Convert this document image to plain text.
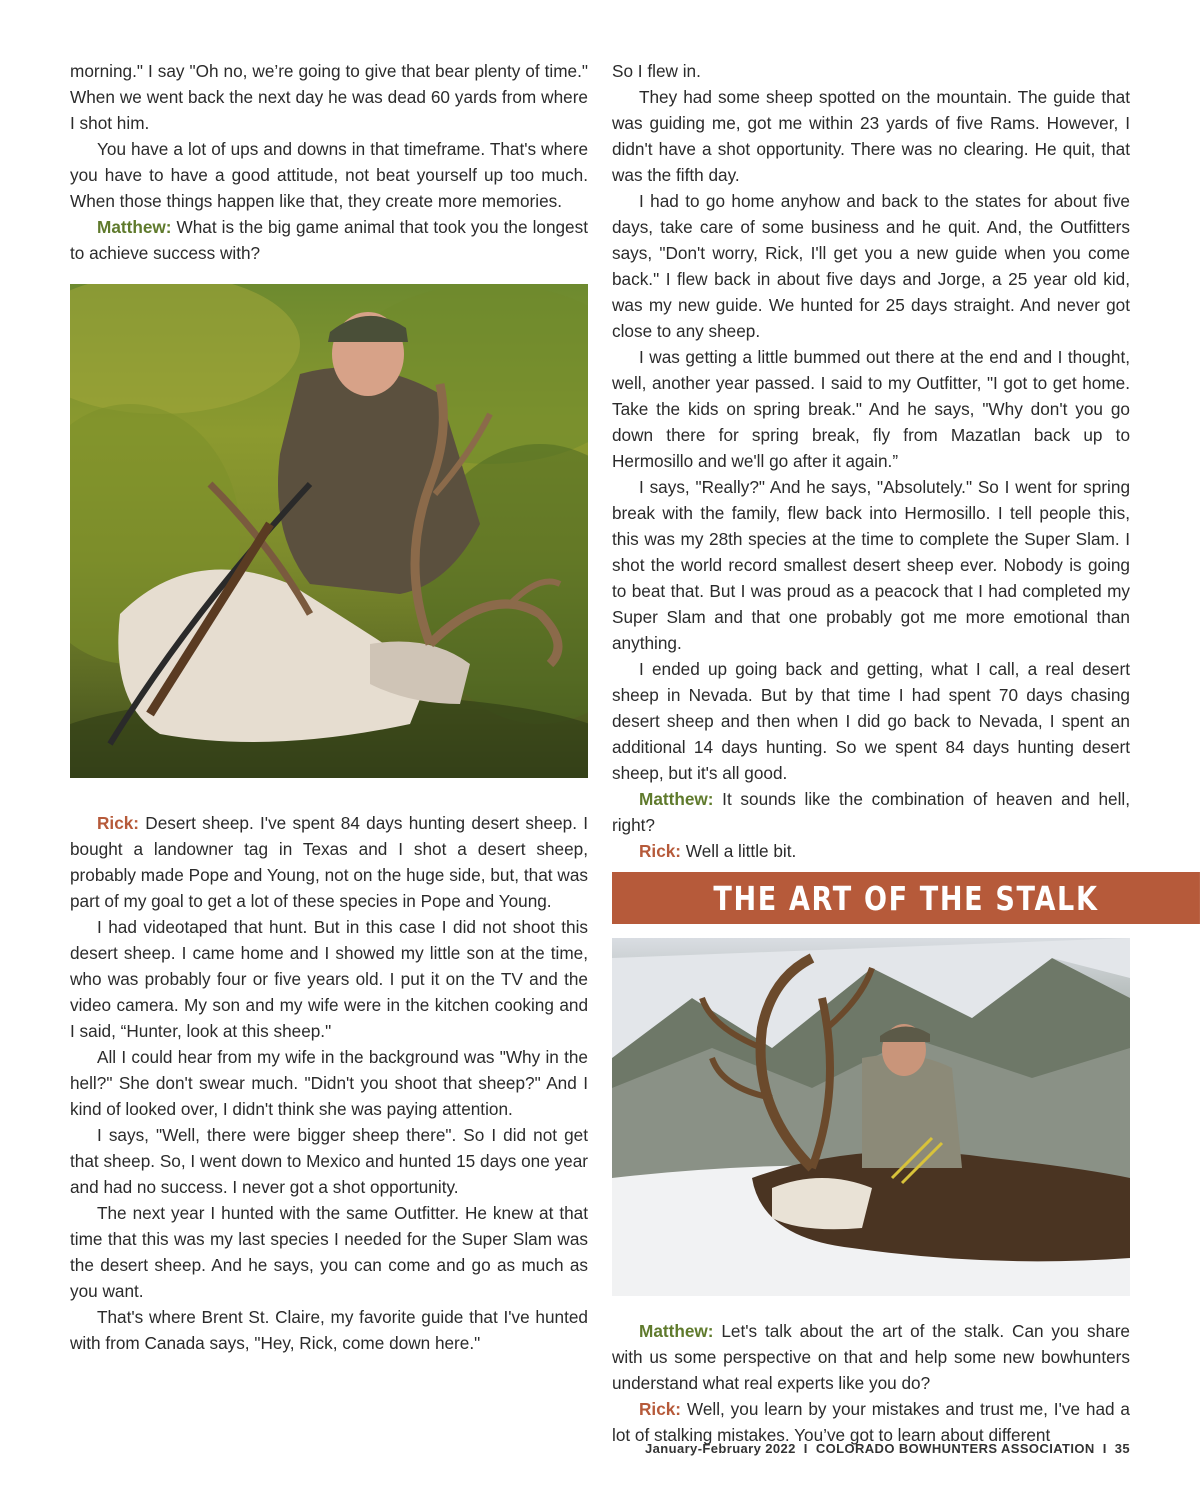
morning." I say "Oh no, we’re going to give that bear plenty of time." When we went back the next day he was dead 60 yards from where I shot him.

You have a lot of ups and downs in that timeframe. That's where you have to have a good attitude, not beat yourself up too much. When those things happen like that, they create more memories.

Matthew: What is the big game animal that took you the longest to achieve success with?

Rick: Desert sheep. I've spent 84 days hunting desert sheep. I bought a landowner tag in Texas and I shot a desert sheep, probably made Pope and Young, not on the huge side, but, that was part of my goal to get a lot of these species in Pope and Young.

I had videotaped that hunt. But in this case I did not shoot this desert sheep. I came home and I showed my little son at the time, who was probably four or five years old. I put it on the TV and the video camera. My son and my wife were in the kitchen cooking and I said, “Hunter, look at this sheep."

All I could hear from my wife in the background was "Why in the hell?" She don't swear much. "Didn't you shoot that sheep?" And I kind of looked over, I didn't think she was paying attention.

I says, "Well, there were bigger sheep there". So I did not get that sheep. So, I went down to Mexico and hunted 15 days one year and had no success. I never got a shot opportunity.

The next year I hunted with the same Outfitter. He knew at that time that this was my last species I needed for the Super Slam was the desert sheep. And he says, you can come and go as much as you want.

That's where Brent St. Claire, my favorite guide that I've hunted with from Canada says, "Hey, Rick, come down here."

So I flew in.

They had some sheep spotted on the mountain. The guide that was guiding me, got me within 23 yards of five Rams. However, I didn't have a shot opportunity. There was no clearing. He quit, that was the fifth day.

I had to go home anyhow and back to the states for about five days, take care of some business and he quit. And, the Outfitters says, "Don't worry, Rick, I'll get you a new guide when you come back." I flew back in about five days and Jorge, a 25 year old kid, was my new guide. We hunted for 25 days straight. And never got close to any sheep.

I was getting a little bummed out there at the end and I thought, well, another year passed. I said to my Outfitter, "I got to get home. Take the kids on spring break." And he says, "Why don't you go down there for spring break, fly from Mazatlan back up to Hermosillo and we'll go after it again.”

I says, "Really?" And he says, "Absolutely." So I went for spring break with the family, flew back into Hermosillo. I tell people this, this was my 28th species at the time to complete the Super Slam. I shot the world record smallest desert sheep ever. Nobody is going to beat that. But I was proud as a peacock that I had completed my Super Slam and that one probably got me more emotional than anything.

I ended up going back and getting, what I call, a real desert sheep in Nevada. But by that time I had spent 70 days chasing desert sheep and then when I did go back to Nevada, I spent an additional 14 days hunting. So we spent 84 days hunting desert sheep, but it's all good.

Matthew: It sounds like the combination of heaven and hell, right?

Rick: Well a little bit.

THE ART OF THE STALK

Matthew: Let's talk about the art of the stalk. Can you share with us some perspective on that and help some new bowhunters understand what real experts like you do?

Rick: Well, you learn by your mistakes and trust me, I've had a lot of stalking mistakes. You’ve got to learn about different

January-February 2022 I COLORADO BOWHUNTERS ASSOCIATION I 35
